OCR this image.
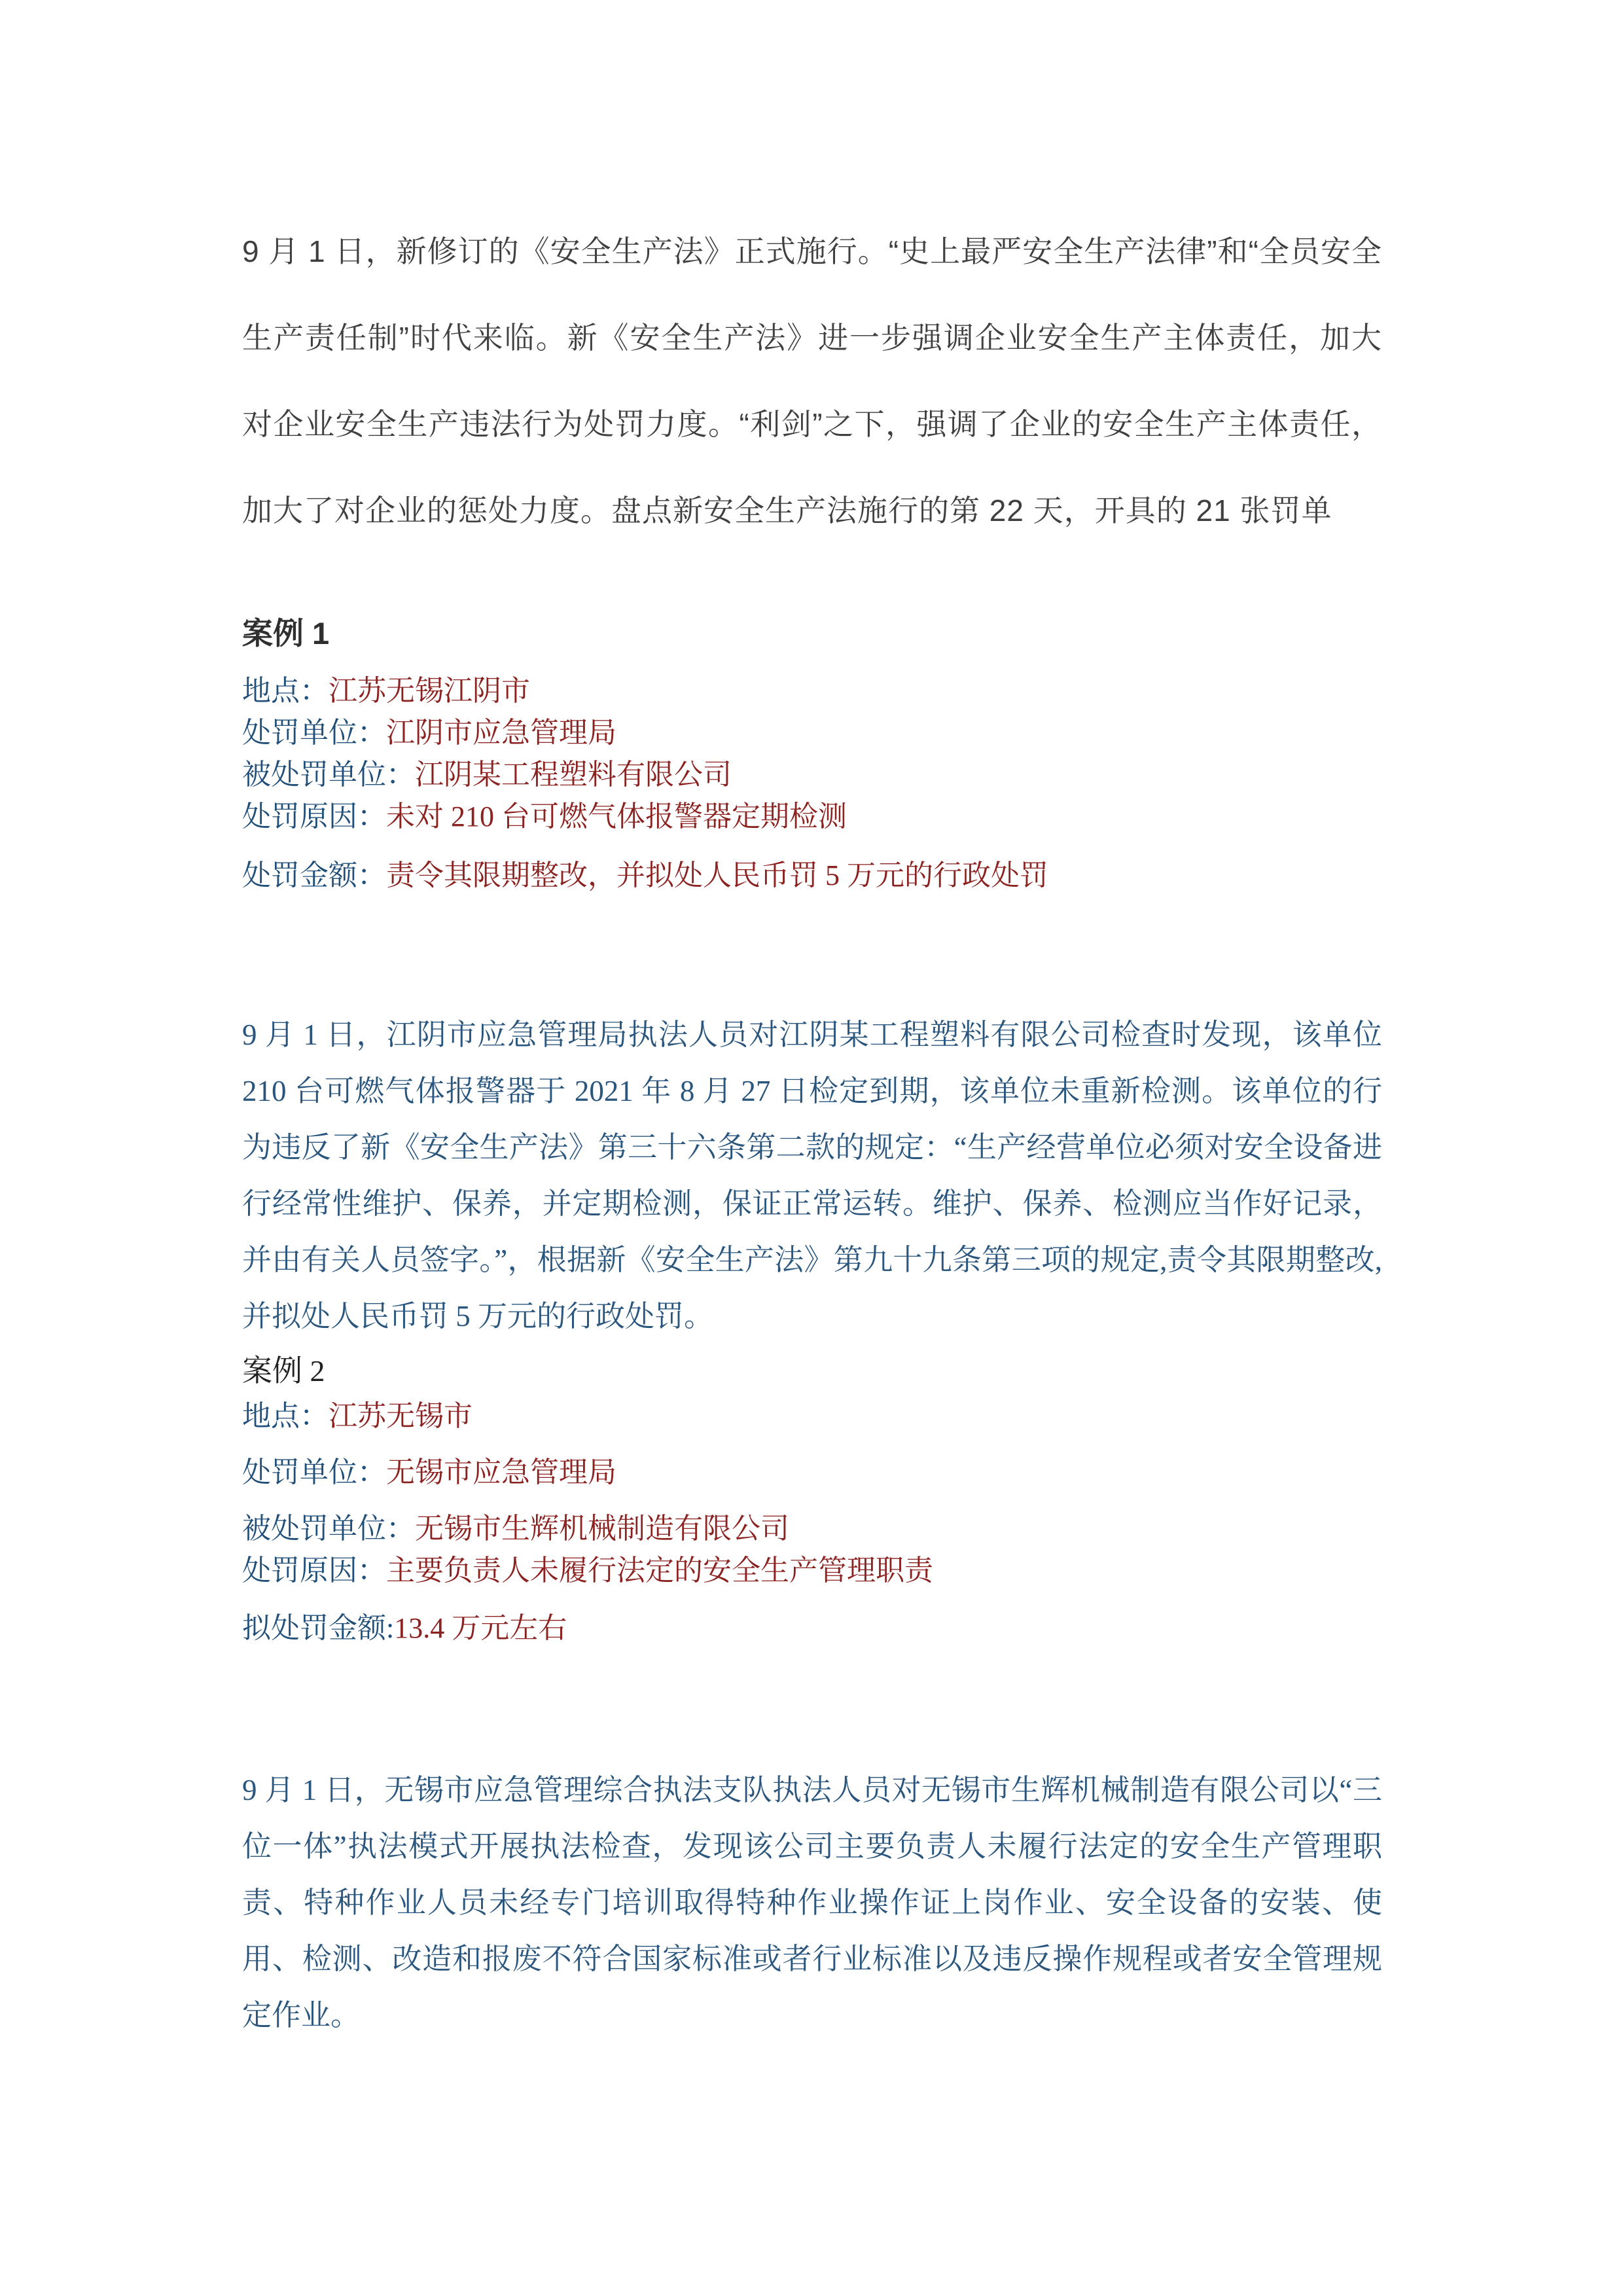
9 月 1 日，新修订的《安全生产法》正式施行。“史上最严安全生产法律”和“全员安全生产责任制”时代来临。新《安全生产法》进一步强调企业安全生产主体责任，加大对企业安全生产违法行为处罚力度。“利剑”之下，强调了企业的安全生产主体责任，加大了对企业的惩处力度。盘点新安全生产法施行的第 22 天，开具的 21 张罚单

案例 1

地点：江苏无锡江阴市

处罚单位：江阴市应急管理局

被处罚单位：江阴某工程塑料有限公司

处罚原因：未对 210 台可燃气体报警器定期检测

处罚金额：责令其限期整改，并拟处人民币罚 5 万元的行政处罚

9 月 1 日，江阴市应急管理局执法人员对江阴某工程塑料有限公司检查时发现，该单位 210 台可燃气体报警器于 2021 年 8 月 27 日检定到期，该单位未重新检测。该单位的行为违反了新《安全生产法》第三十六条第二款的规定：“生产经营单位必须对安全设备进行经常性维护、保养，并定期检测，保证正常运转。维护、保养、检测应当作好记录，并由有关人员签字。”，根据新《安全生产法》第九十九条第三项的规定,责令其限期整改,并拟处人民币罚 5 万元的行政处罚。

案例 2

地点：江苏无锡市

处罚单位：无锡市应急管理局

被处罚单位：无锡市生辉机械制造有限公司

处罚原因：主要负责人未履行法定的安全生产管理职责

拟处罚金额:13.4 万元左右

9 月 1 日，无锡市应急管理综合执法支队执法人员对无锡市生辉机械制造有限公司以“三位一体”执法模式开展执法检查，发现该公司主要负责人未履行法定的安全生产管理职责、特种作业人员未经专门培训取得特种作业操作证上岗作业、安全设备的安装、使用、检测、改造和报废不符合国家标准或者行业标准以及违反操作规程或者安全管理规定作业。
